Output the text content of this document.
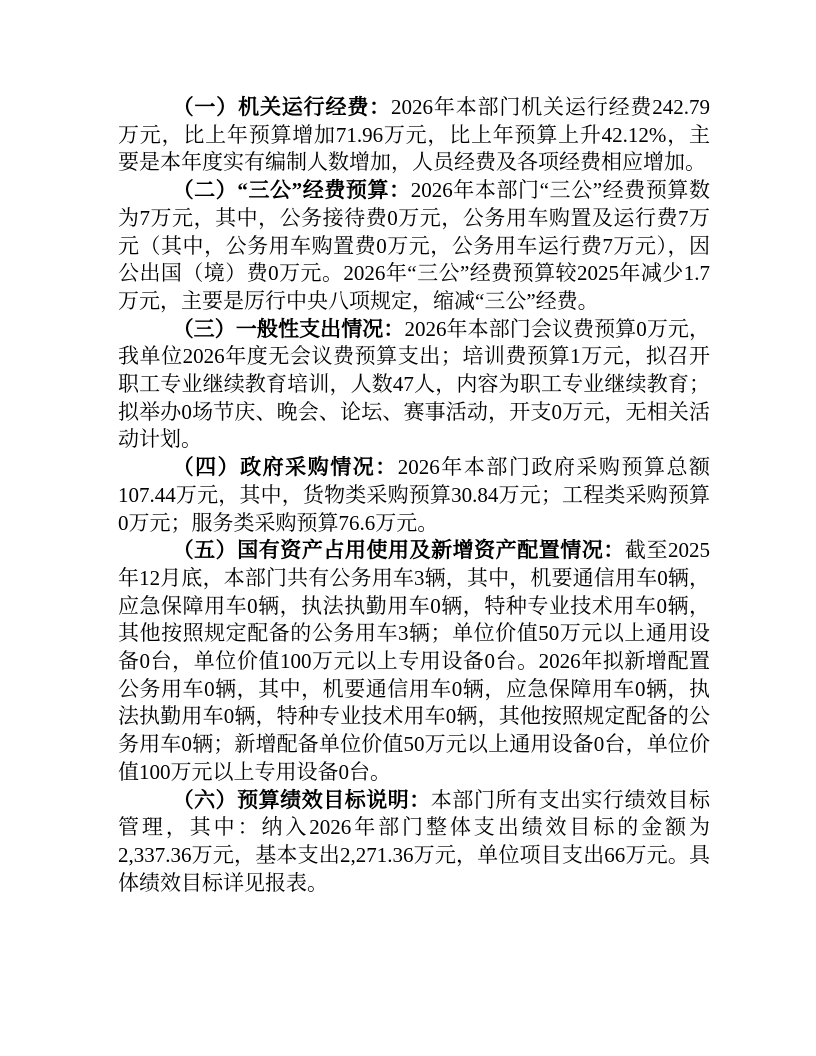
（一）机关运行经费：2026年本部门机关运行经费242.79万元，比上年预算增加71.96万元，比上年预算上升42.12%，主要是本年度实有编制人数增加，人员经费及各项经费相应增加。

（二）“三公”经费预算：2026年本部门“三公”经费预算数为7万元，其中，公务接待费0万元，公务用车购置及运行费7万元（其中，公务用车购置费0万元，公务用车运行费7万元），因公出国（境）费0万元。2026年“三公”经费预算较2025年减少1.7万元，主要是厉行中央八项规定，缩减“三公”经费。

（三）一般性支出情况：2026年本部门会议费预算0万元，我单位2026年度无会议费预算支出；培训费预算1万元，拟召开职工专业继续教育培训，人数47人，内容为职工专业继续教育；拟举办0场节庆、晚会、论坛、赛事活动，开支0万元，无相关活动计划。

（四）政府采购情况：2026年本部门政府采购预算总额107.44万元，其中，货物类采购预算30.84万元；工程类采购预算0万元；服务类采购预算76.6万元。

（五）国有资产占用使用及新增资产配置情况：截至2025年12月底，本部门共有公务用车3辆，其中，机要通信用车0辆，应急保障用车0辆，执法执勤用车0辆，特种专业技术用车0辆，其他按照规定配备的公务用车3辆；单位价值50万元以上通用设备0台，单位价值100万元以上专用设备0台。2026年拟新增配置公务用车0辆，其中，机要通信用车0辆，应急保障用车0辆，执法执勤用车0辆，特种专业技术用车0辆，其他按照规定配备的公务用车0辆；新增配备单位价值50万元以上通用设备0台，单位价值100万元以上专用设备0台。

（六）预算绩效目标说明：本部门所有支出实行绩效目标管理，其中：纳入2026年部门整体支出绩效目标的金额为2,337.36万元，基本支出2,271.36万元，单位项目支出66万元。具体绩效目标详见报表。
